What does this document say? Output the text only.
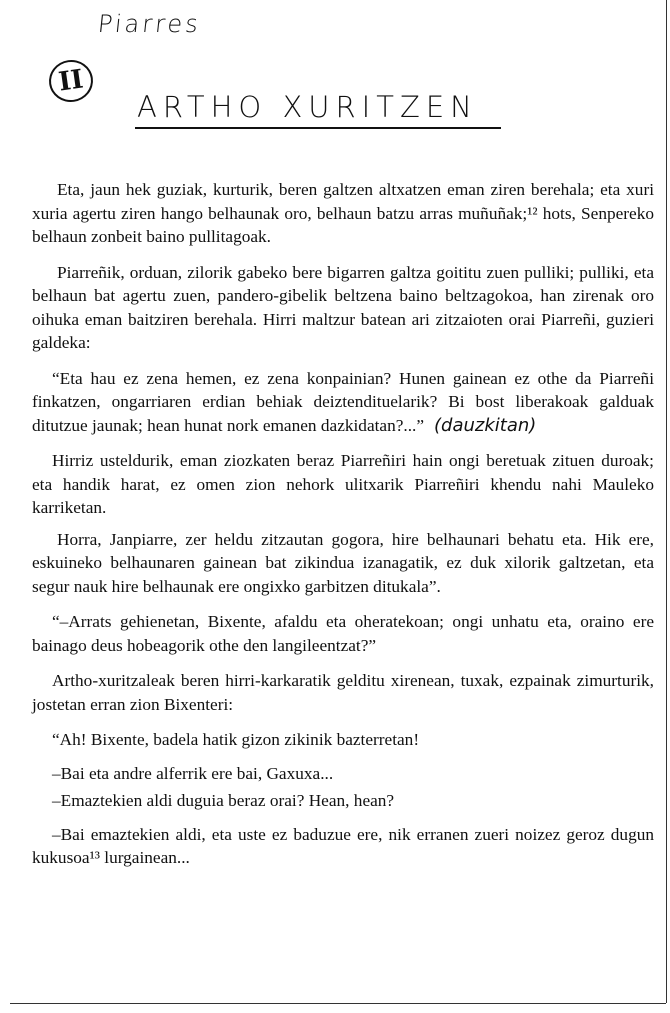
Piarres
II
ARTHO XURITZEN

Eta, jaun hek guziak, kurturik, beren galtzen altxatzen eman ziren berehala; eta xuri xuria agertu ziren hango belhaunak oro, belhaun batzu arras muñuñak;¹² hots, Senpereko belhaun zonbeit baino pullitagoak.

Piarreñik, orduan, zilorik gabeko bere bigarren galtza goititu zuen pulliki; pulliki, eta belhaun bat agertu zuen, pandero-gibelik beltzena baino beltzagokoa, han zirenak oro oihuka eman baitziren berehala. Hirri maltzur batean ari zitzaioten orai Piarreñi, guzieri galdeka:

“Eta hau ez zena hemen, ez zena konpainian? Hunen gainean ez othe da Piarreñi finkatzen, ongarriaren erdian behiak deiztendituelarik? Bi bost liberakoak galduak ditutzue jaunak; hean hunat nork emanen dazkidatan?...” (dauzkitan)

Hirriz usteldurik, eman ziozkaten beraz Piarreñiri hain ongi beretuak zituen duroak; eta handik harat, ez omen zion nehork ulitxarik Piarreñiri khendu nahi Mauleko karriketan.

Horra, Janpiarre, zer heldu zitzautan gogora, hire belhaunari behatu eta. Hik ere, eskuineko belhaunaren gainean bat zikindua izanagatik, ez duk xilorik galtzetan, eta segur nauk hire belhaunak ere ongixko garbitzen ditukala”.

“–Arrats gehienetan, Bixente, afaldu eta oheratekoan; ongi unhatu eta, oraino ere bainago deus hobeagorik othe den langileentzat?”

Artho-xuritzaleak beren hirri-karkaratik gelditu xirenean, tuxak, ezpainak zimurturik, jostetan erran zion Bixenteri:

“Ah! Bixente, badela hatik gizon zikinik bazterretan!

–Bai eta andre alferrik ere bai, Gaxuxa...

–Emaztekien aldi duguia beraz orai? Hean, hean?

–Bai emaztekien aldi, eta uste ez baduzue ere, nik erranen zueri noizez geroz dugun kukusoa¹³ lurgainean...
